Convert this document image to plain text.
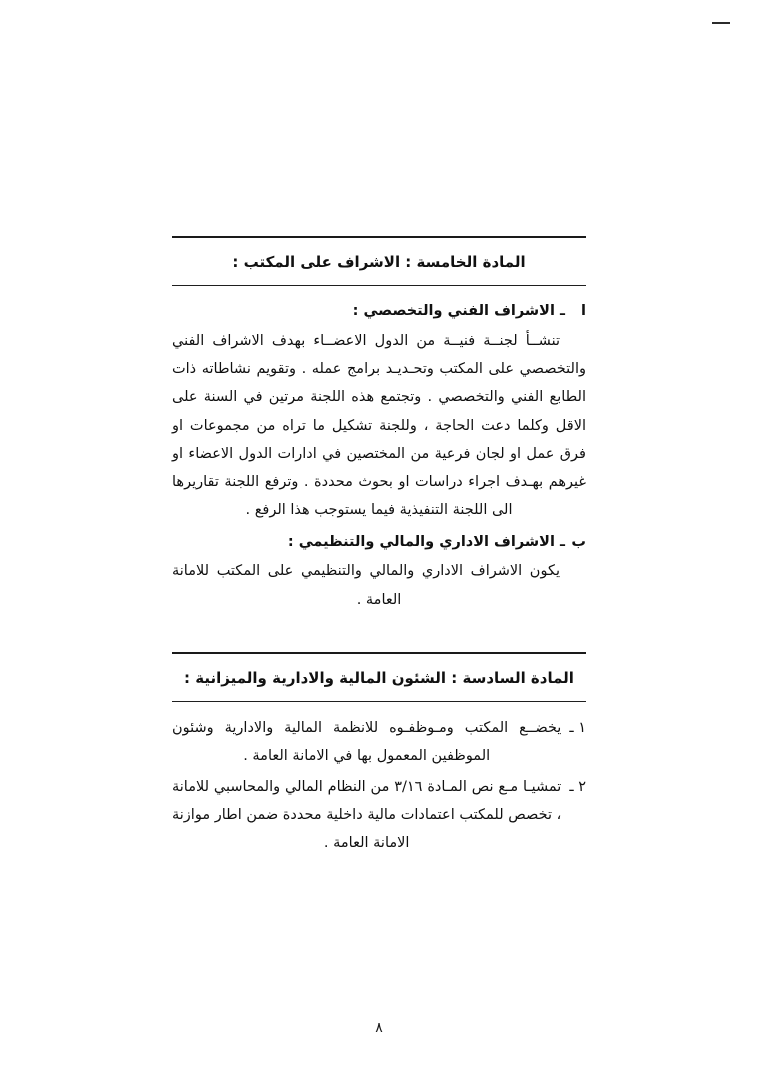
المادة الخامسة : الاشراف على المكتب :
ا ـ الاشراف الفني والتخصصي :

تنشــأ لجنــة فنيــة من الدول الاعضــاء بهدف الاشراف الفني والتخصصي على المكتب وتحـديـد برامج عمله . وتقويم نشاطاته ذات الطابع الفني والتخصصي . وتجتمع هذه اللجنة مرتين في السنة على الاقل وكلما دعت الحاجة ، وللجنة تشكيل ما تراه من مجموعات او فرق عمل او لجان فرعية من المختصين في ادارات الدول الاعضاء او غيرهم بهـدف اجراء دراسات او بحوث محددة . وترفع اللجنة تقاريرها الى اللجنة التنفيذية فيما يستوجب هذا الرفع .

ب ـ الاشراف الاداري والمالي والتنظيمي :

يكون الاشراف الاداري والمالي والتنظيمي على المكتب للامانة العامة .

المادة السادسة : الشئون المالية والادارية والميزانية :
١ ـ
يخضــع المكتب ومـوظفـوه للانظمة المالية والادارية وشئون الموظفين المعمول بها في الامانة العامة .
٢ ـ
تمشيـا مـع نص المـادة ٣/١٦ من النظام المالي والمحاسبي للامانة ، تخصص للمكتب اعتمادات مالية داخلية محددة ضمن اطار موازنة الامانة العامة .
٨
